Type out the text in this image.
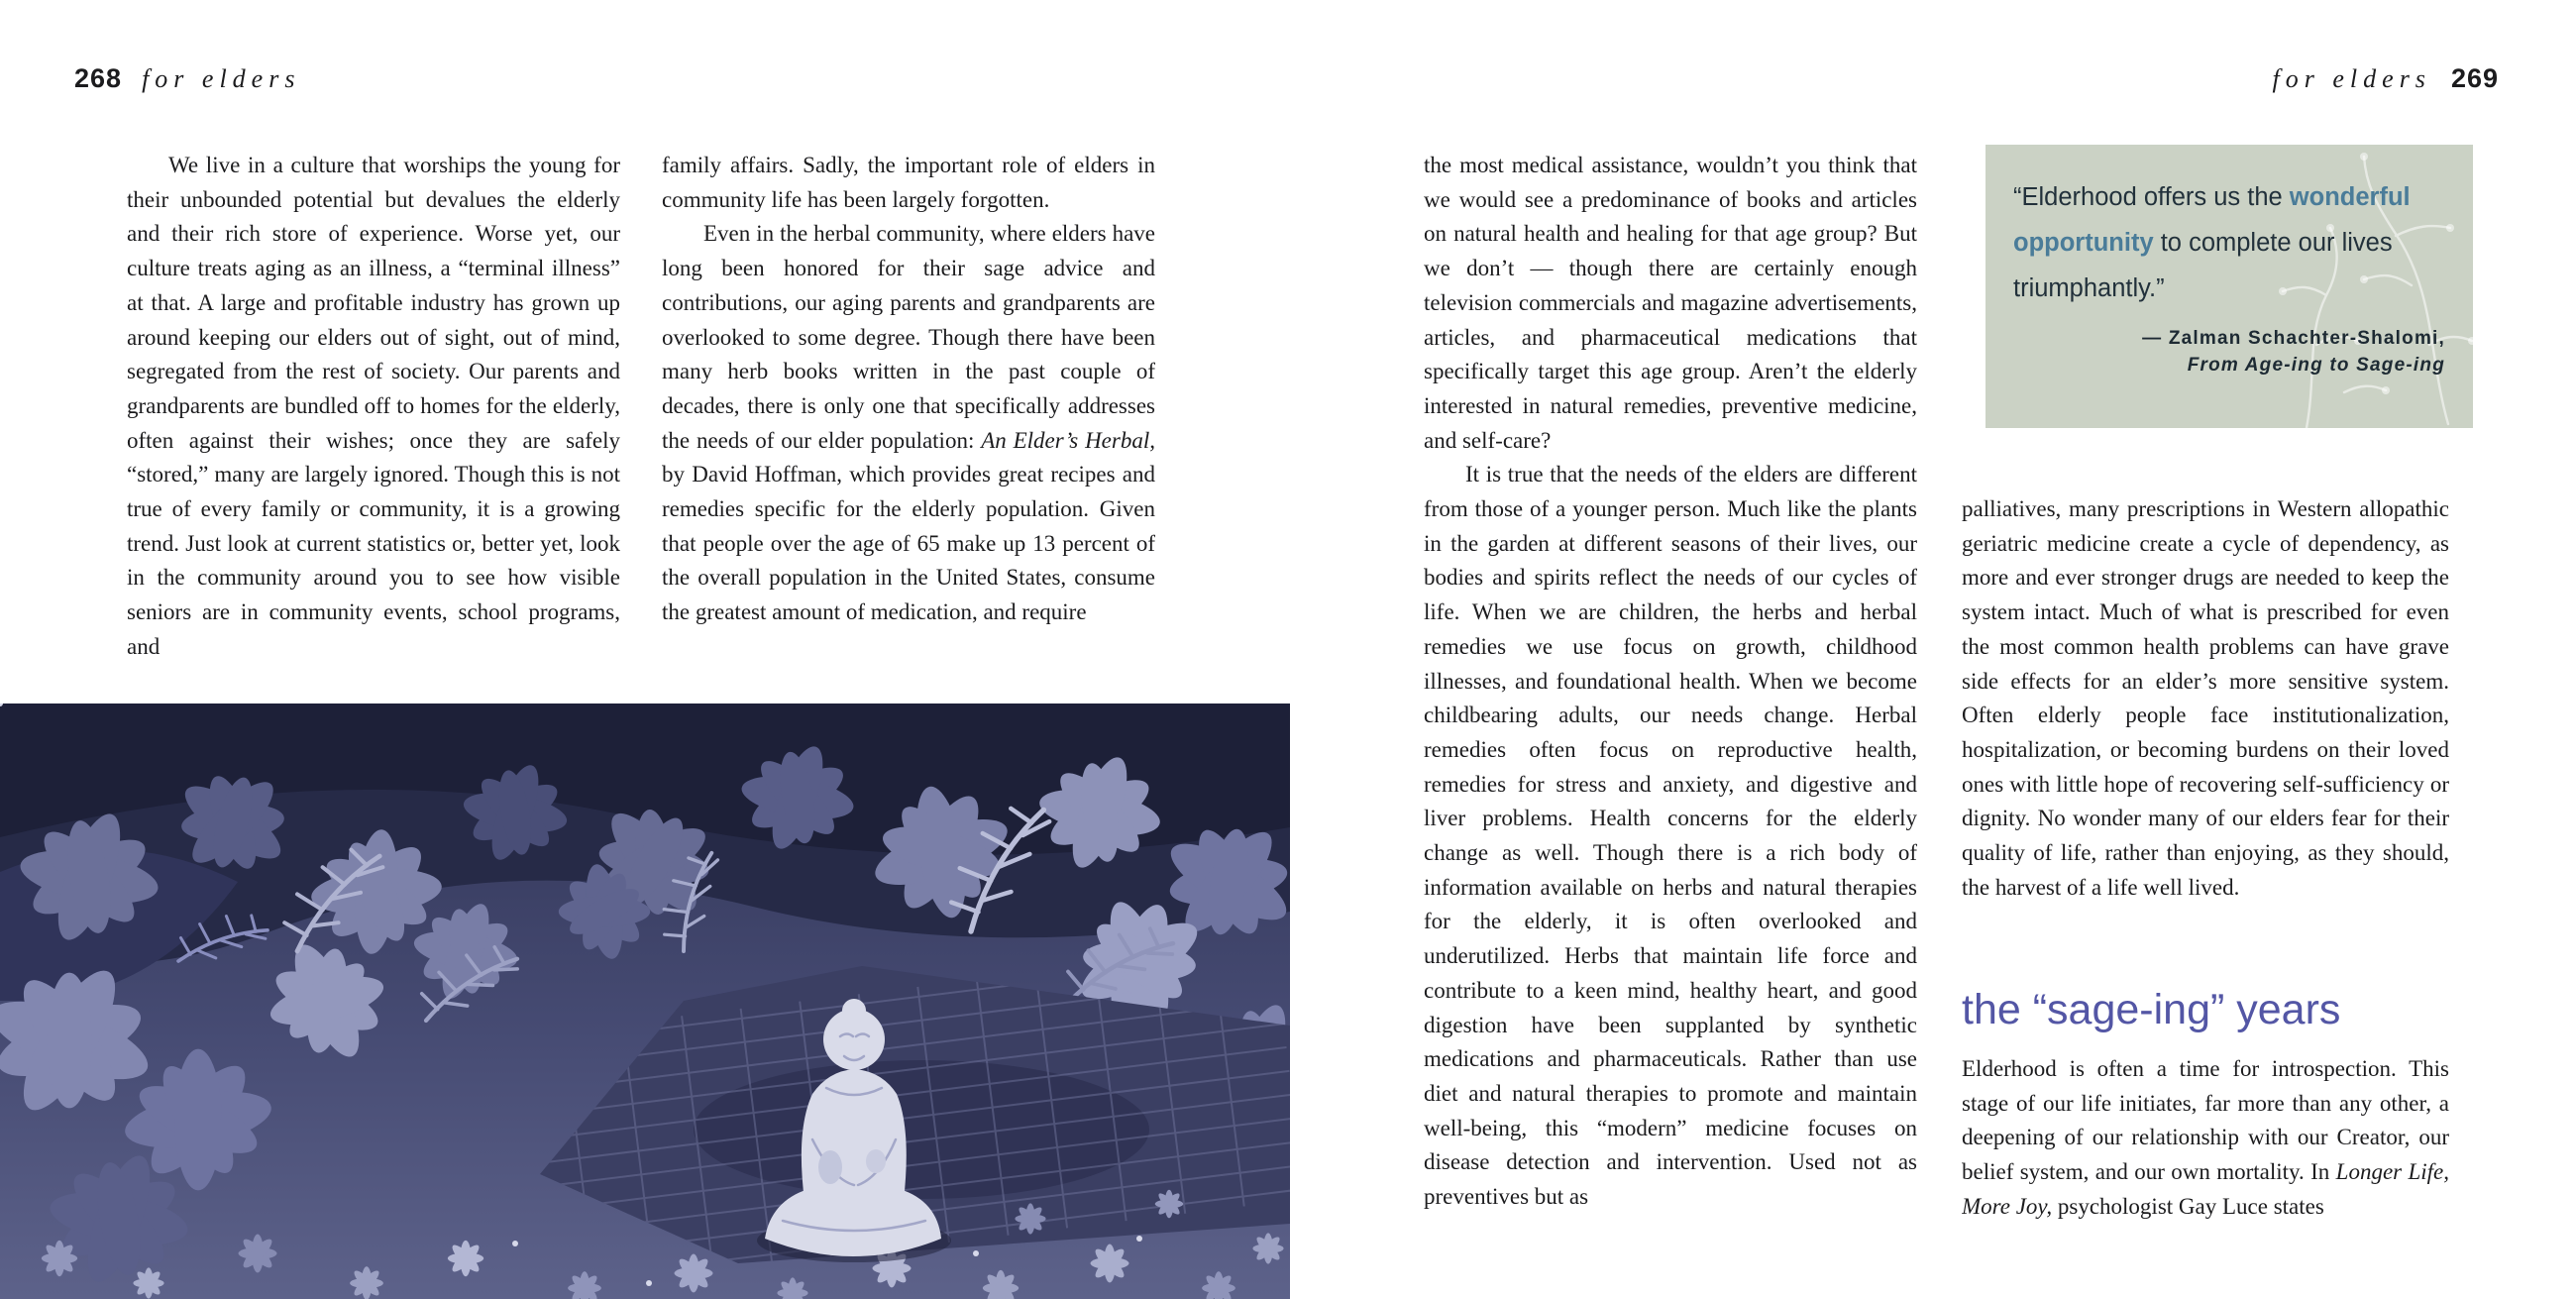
268 for elders	for elders 269

We live in a culture that worships the young for their unbounded potential but devalues the elderly and their rich store of experience. Worse yet, our culture treats aging as an illness, a “terminal illness” at that. A large and profitable industry has grown up around keeping our elders out of sight, out of mind, segregated from the rest of society. Our parents and grandparents are bundled off to homes for the elderly, often against their wishes; once they are safely “stored,” many are largely ignored. Though this is not true of every family or community, it is a growing trend. Just look at current statistics or, better yet, look in the community around you to see how visible seniors are in community events, school programs, and

family affairs. Sadly, the important role of elders in community life has been largely forgotten.

Even in the herbal community, where elders have long been honored for their sage advice and contributions, our aging parents and grandparents are overlooked to some degree. Though there have been many herb books written in the past couple of decades, there is only one that specifically addresses the needs of our elder population: An Elder’s Herbal, by David Hoffman, which provides great recipes and remedies specific for the elderly population. Given that people over the age of 65 make up 13 percent of the overall population in the United States, consume the greatest amount of medication, and require

the most medical assistance, wouldn’t you think that we would see a predominance of books and articles on natural health and healing for that age group? But we don’t — though there are certainly enough television commercials and magazine advertisements, articles, and pharmaceutical medications that specifically target this age group. Aren’t the elderly interested in natural remedies, preventive medicine, and self-care?

It is true that the needs of the elders are different from those of a younger person. Much like the plants in the garden at different seasons of their lives, our bodies and spirits reflect the needs of our cycles of life. When we are children, the herbs and herbal remedies we use focus on growth, childhood illnesses, and foundational health. When we become childbearing adults, our needs change. Herbal remedies often focus on reproductive health, remedies for stress and anxiety, and digestive and liver problems. Health concerns for the elderly change as well. Though there is a rich body of information available on herbs and natural therapies for the elderly, it is often overlooked and underutilized. Herbs that maintain life force and contribute to a keen mind, healthy heart, and good digestion have been supplanted by synthetic medications and pharmaceuticals. Rather than use diet and natural therapies to promote and maintain well-being, this “modern” medicine focuses on disease detection and intervention. Used not as preventives but as

“Elderhood offers us the wonderful opportunity to complete our lives triumphantly.”
— Zalman Schachter-Shalomi,
From Age-ing to Sage-ing

palliatives, many prescriptions in Western allopathic geriatric medicine create a cycle of dependency, as more and ever stronger drugs are needed to keep the system intact. Much of what is prescribed for even the most common health problems can have grave side effects for an elder’s more sensitive system. Often elderly people face institutionalization, hospitalization, or becoming burdens on their loved ones with little hope of recovering self-sufficiency or dignity. No wonder many of our elders fear for their quality of life, rather than enjoying, as they should, the harvest of a life well lived.

the “sage-ing” years

Elderhood is often a time for introspection. This stage of our life initiates, far more than any other, a deepening of our relationship with our Creator, our belief system, and our own mortality. In Longer Life, More Joy, psychologist Gay Luce states
